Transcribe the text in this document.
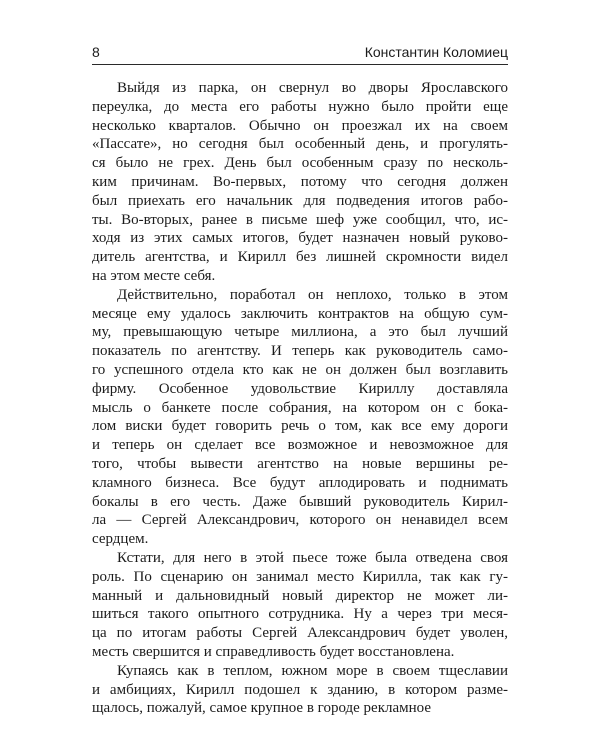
8	Константин Коломиец
Выйдя из парка, он свернул во дворы Ярославского
переулка, до места его работы нужно было пройти еще
несколько кварталов. Обычно он проезжал их на своем
«Пассате», но сегодня был особенный день, и прогулять-
ся было не грех. День был особенным сразу по несколь-
ким причинам. Во-первых, потому что сегодня должен
был приехать его начальник для подведения итогов рабо-
ты. Во-вторых, ранее в письме шеф уже сообщил, что, ис-
ходя из этих самых итогов, будет назначен новый руково-
дитель агентства, и Кирилл без лишней скромности видел
на этом месте себя.
Действительно, поработал он неплохо, только в этом
месяце ему удалось заключить контрактов на общую сум-
му, превышающую четыре миллиона, а это был лучший
показатель по агентству. И теперь как руководитель само-
го успешного отдела кто как не он должен был возглавить
фирму. Особенное удовольствие Кириллу доставляла
мысль о банкете после собрания, на котором он с бока-
лом виски будет говорить речь о том, как все ему дороги
и теперь он сделает все возможное и невозможное для
того, чтобы вывести агентство на новые вершины ре-
кламного бизнеса. Все будут аплодировать и поднимать
бокалы в его честь. Даже бывший руководитель Кирил-
ла — Сергей Александрович, которого он ненавидел всем
сердцем.
Кстати, для него в этой пьесе тоже была отведена своя
роль. По сценарию он занимал место Кирилла, так как гу-
манный и дальновидный новый директор не может ли-
шиться такого опытного сотрудника. Ну а через три меся-
ца по итогам работы Сергей Александрович будет уволен,
месть свершится и справедливость будет восстановлена.
Купаясь как в теплом, южном море в своем тщеславии
и амбициях, Кирилл подошел к зданию, в котором разме-
щалось, пожалуй, самое крупное в городе рекламное
